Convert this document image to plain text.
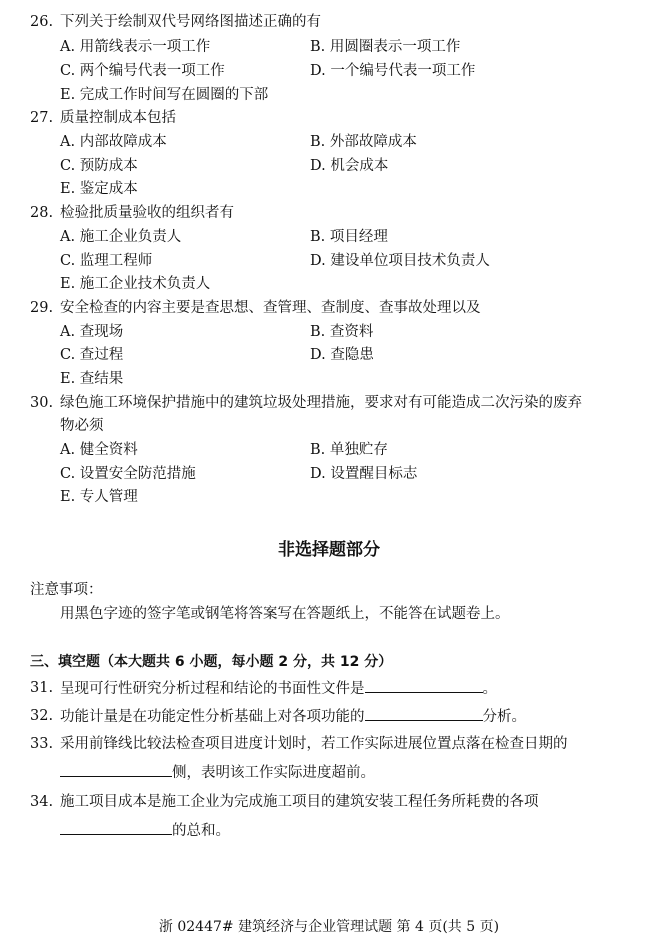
26. 下列关于绘制双代号网络图描述正确的有
A. 用箭线表示一项工作	B. 用圆圈表示一项工作
C. 两个编号代表一项工作	D. 一个编号代表一项工作
E. 完成工作时间写在圆圈的下部
27. 质量控制成本包括
A. 内部故障成本	B. 外部故障成本
C. 预防成本	D. 机会成本
E. 鉴定成本
28. 检验批质量验收的组织者有
A. 施工企业负责人	B. 项目经理
C. 监理工程师	D. 建设单位项目技术负责人
E. 施工企业技术负责人
29. 安全检查的内容主要是查思想、查管理、查制度、查事故处理以及
A. 查现场	B. 查资料
C. 查过程	D. 查隐患
E. 查结果
30. 绿色施工环境保护措施中的建筑垃圾处理措施，要求对有可能造成二次污染的废弃
物必须
A. 健全资料	B. 单独贮存
C. 设置安全防范措施	D. 设置醒目标志
E. 专人管理
非选择题部分
注意事项：
用黑色字迹的签字笔或钢笔将答案写在答题纸上，不能答在试题卷上。
三、填空题（本大题共 6 小题，每小题 2 分，共 12 分）
31. 呈现可行性研究分析过程和结论的书面性文件是	。
32. 功能计量是在功能定性分析基础上对各项功能的	分析。
33. 采用前锋线比较法检查项目进度计划时，若工作实际进展位置点落在检查日期的
侧，表明该工作实际进度超前。
34. 施工项目成本是施工企业为完成施工项目的建筑安装工程任务所耗费的各项
的总和。
浙 02447# 建筑经济与企业管理试题 第 4 页(共 5 页)
